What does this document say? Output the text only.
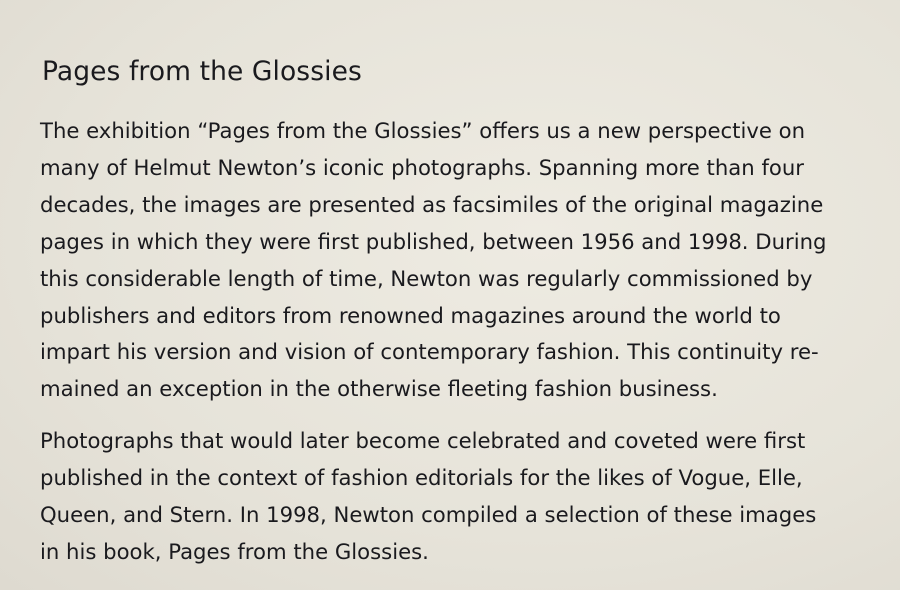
Pages from the Glossies

The exhibition “Pages from the Glossies” offers us a new perspective on
many of Helmut Newton’s iconic photographs. Spanning more than four
decades, the images are presented as facsimiles of the original magazine
pages in which they were first published, between 1956 and 1998. During
this considerable length of time, Newton was regularly commissioned by
publishers and editors from renowned magazines around the world to
impart his version and vision of contemporary fashion. This continuity re-
mained an exception in the otherwise fleeting fashion business.

Photographs that would later become celebrated and coveted were first
published in the context of fashion editorials for the likes of Vogue, Elle,
Queen, and Stern. In 1998, Newton compiled a selection of these images
in his book, Pages from the Glossies.
